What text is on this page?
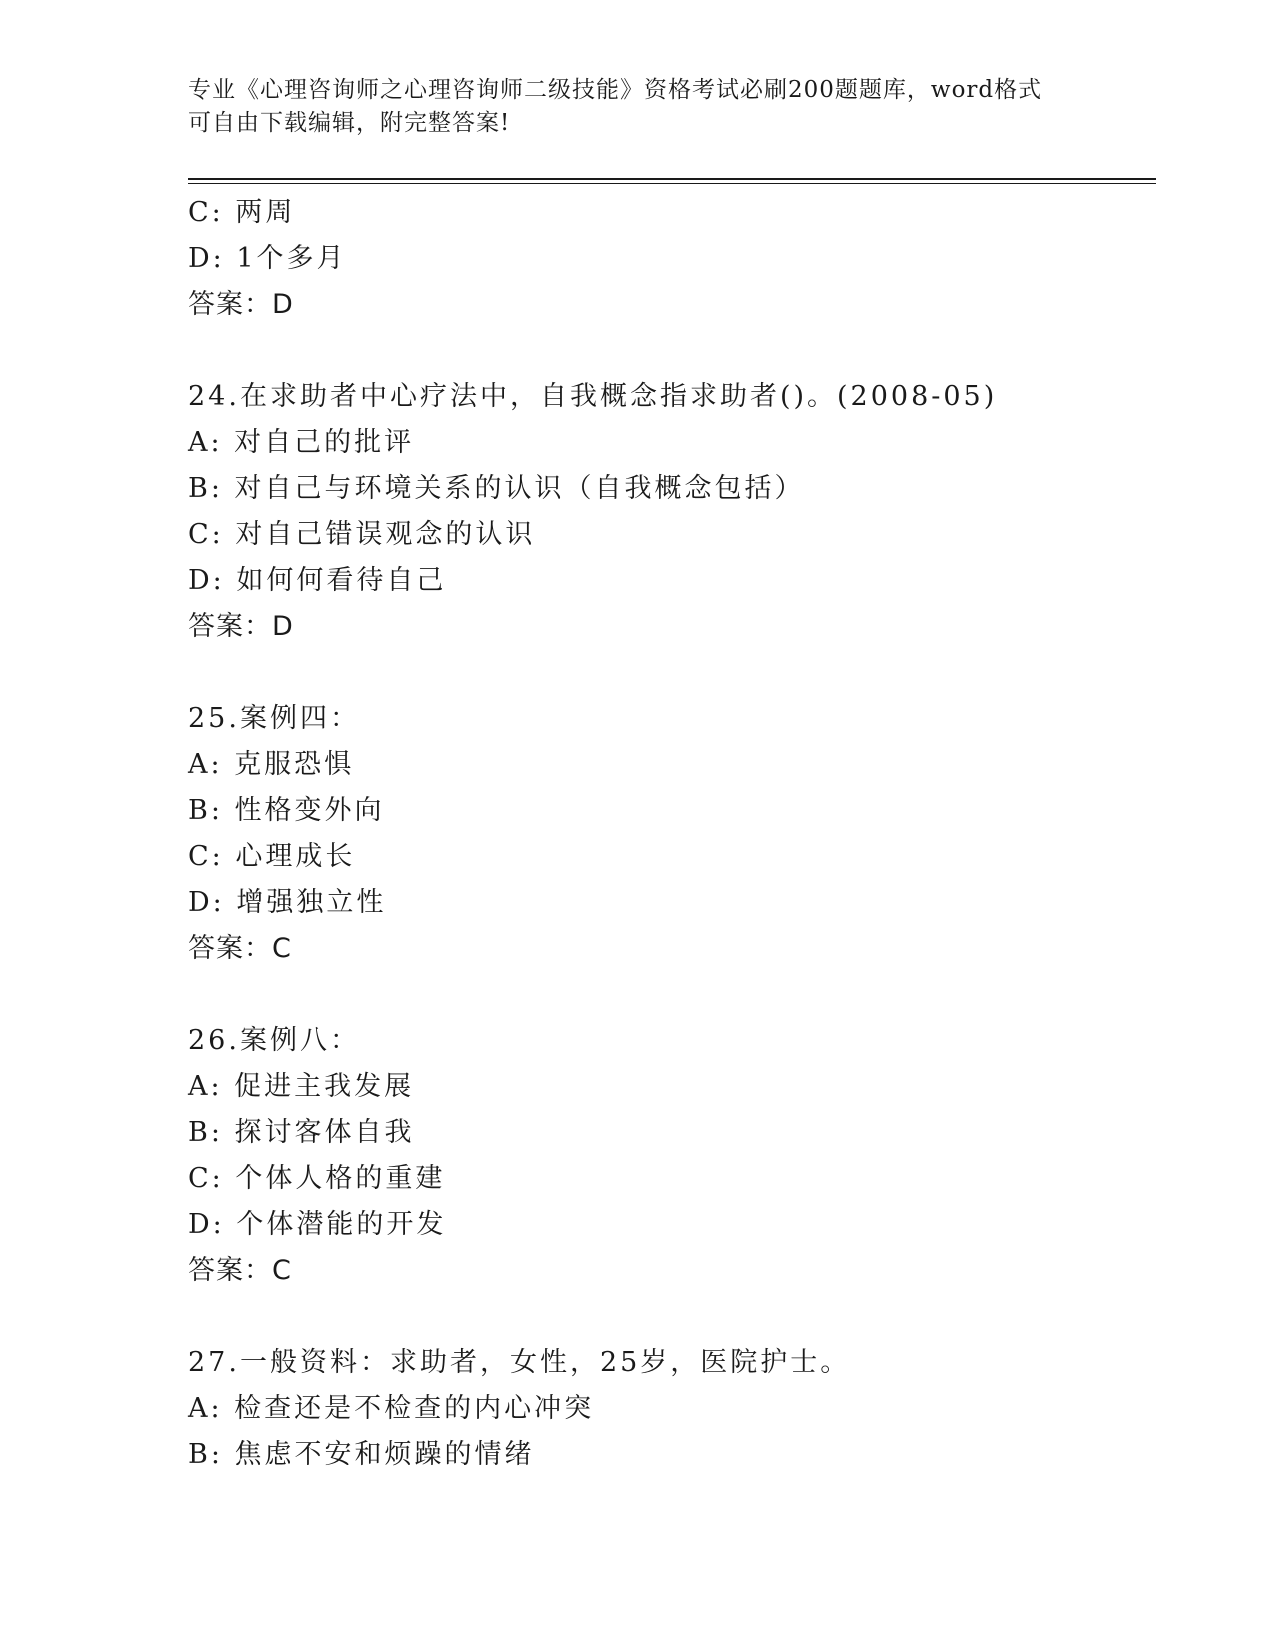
专业《心理咨询师之心理咨询师二级技能》资格考试必刷200题题库，word格式
可自由下载编辑，附完整答案!
C: 两周
D: 1个多月
答案：D
24.在求助者中心疗法中，自我概念指求助者()。(2008-05)
A: 对自己的批评
B: 对自己与环境关系的认识（自我概念包括）
C: 对自己错误观念的认识
D: 如何何看待自己
答案：D
25.案例四：
A: 克服恐惧
B: 性格变外向
C: 心理成长
D: 增强独立性
答案：C
26.案例八：
A: 促进主我发展
B: 探讨客体自我
C: 个体人格的重建
D: 个体潜能的开发
答案：C
27.一般资料：求助者，女性，25岁，医院护士。
A: 检查还是不检查的内心冲突
B: 焦虑不安和烦躁的情绪
